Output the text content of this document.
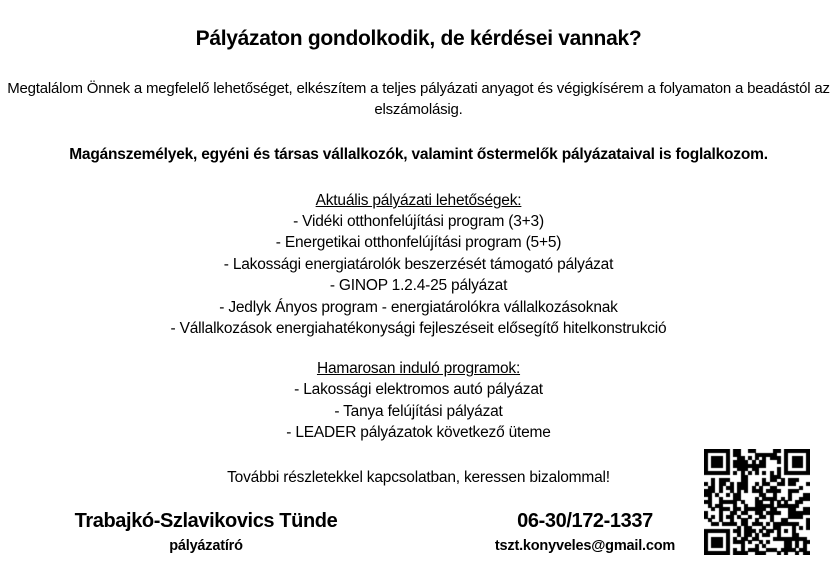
Pályázaton gondolkodik, de kérdései vannak?
Megtalálom Önnek a megfelelő lehetőséget, elkészítem a teljes pályázati anyagot és végigkísérem a folyamaton a beadástól az elszámolásig.
Magánszemélyek, egyéni és társas vállalkozók, valamint őstermelők pályázataival is foglalkozom.
Aktuális pályázati lehetőségek:
- Vidéki otthonfelújítási program (3+3)
- Energetikai otthonfelújítási program (5+5)
- Lakossági energiatárolók beszerzését támogató pályázat
- GINOP 1.2.4-25 pályázat
- Jedlyk Ányos program - energiatárolókra vállalkozásoknak
- Vállalkozások energiahatékonysági fejleszéseit elősegítő hitelkonstrukció
Hamarosan induló programok:
- Lakossági elektromos autó pályázat
- Tanya felújítási pályázat
- LEADER pályázatok következő üteme
További részletekkel kapcsolatban, keressen bizalommal!
Trabajkó-Szlavikovics Tünde
pályázatíró
06-30/172-1337
tszt.konyveles@gmail.com
